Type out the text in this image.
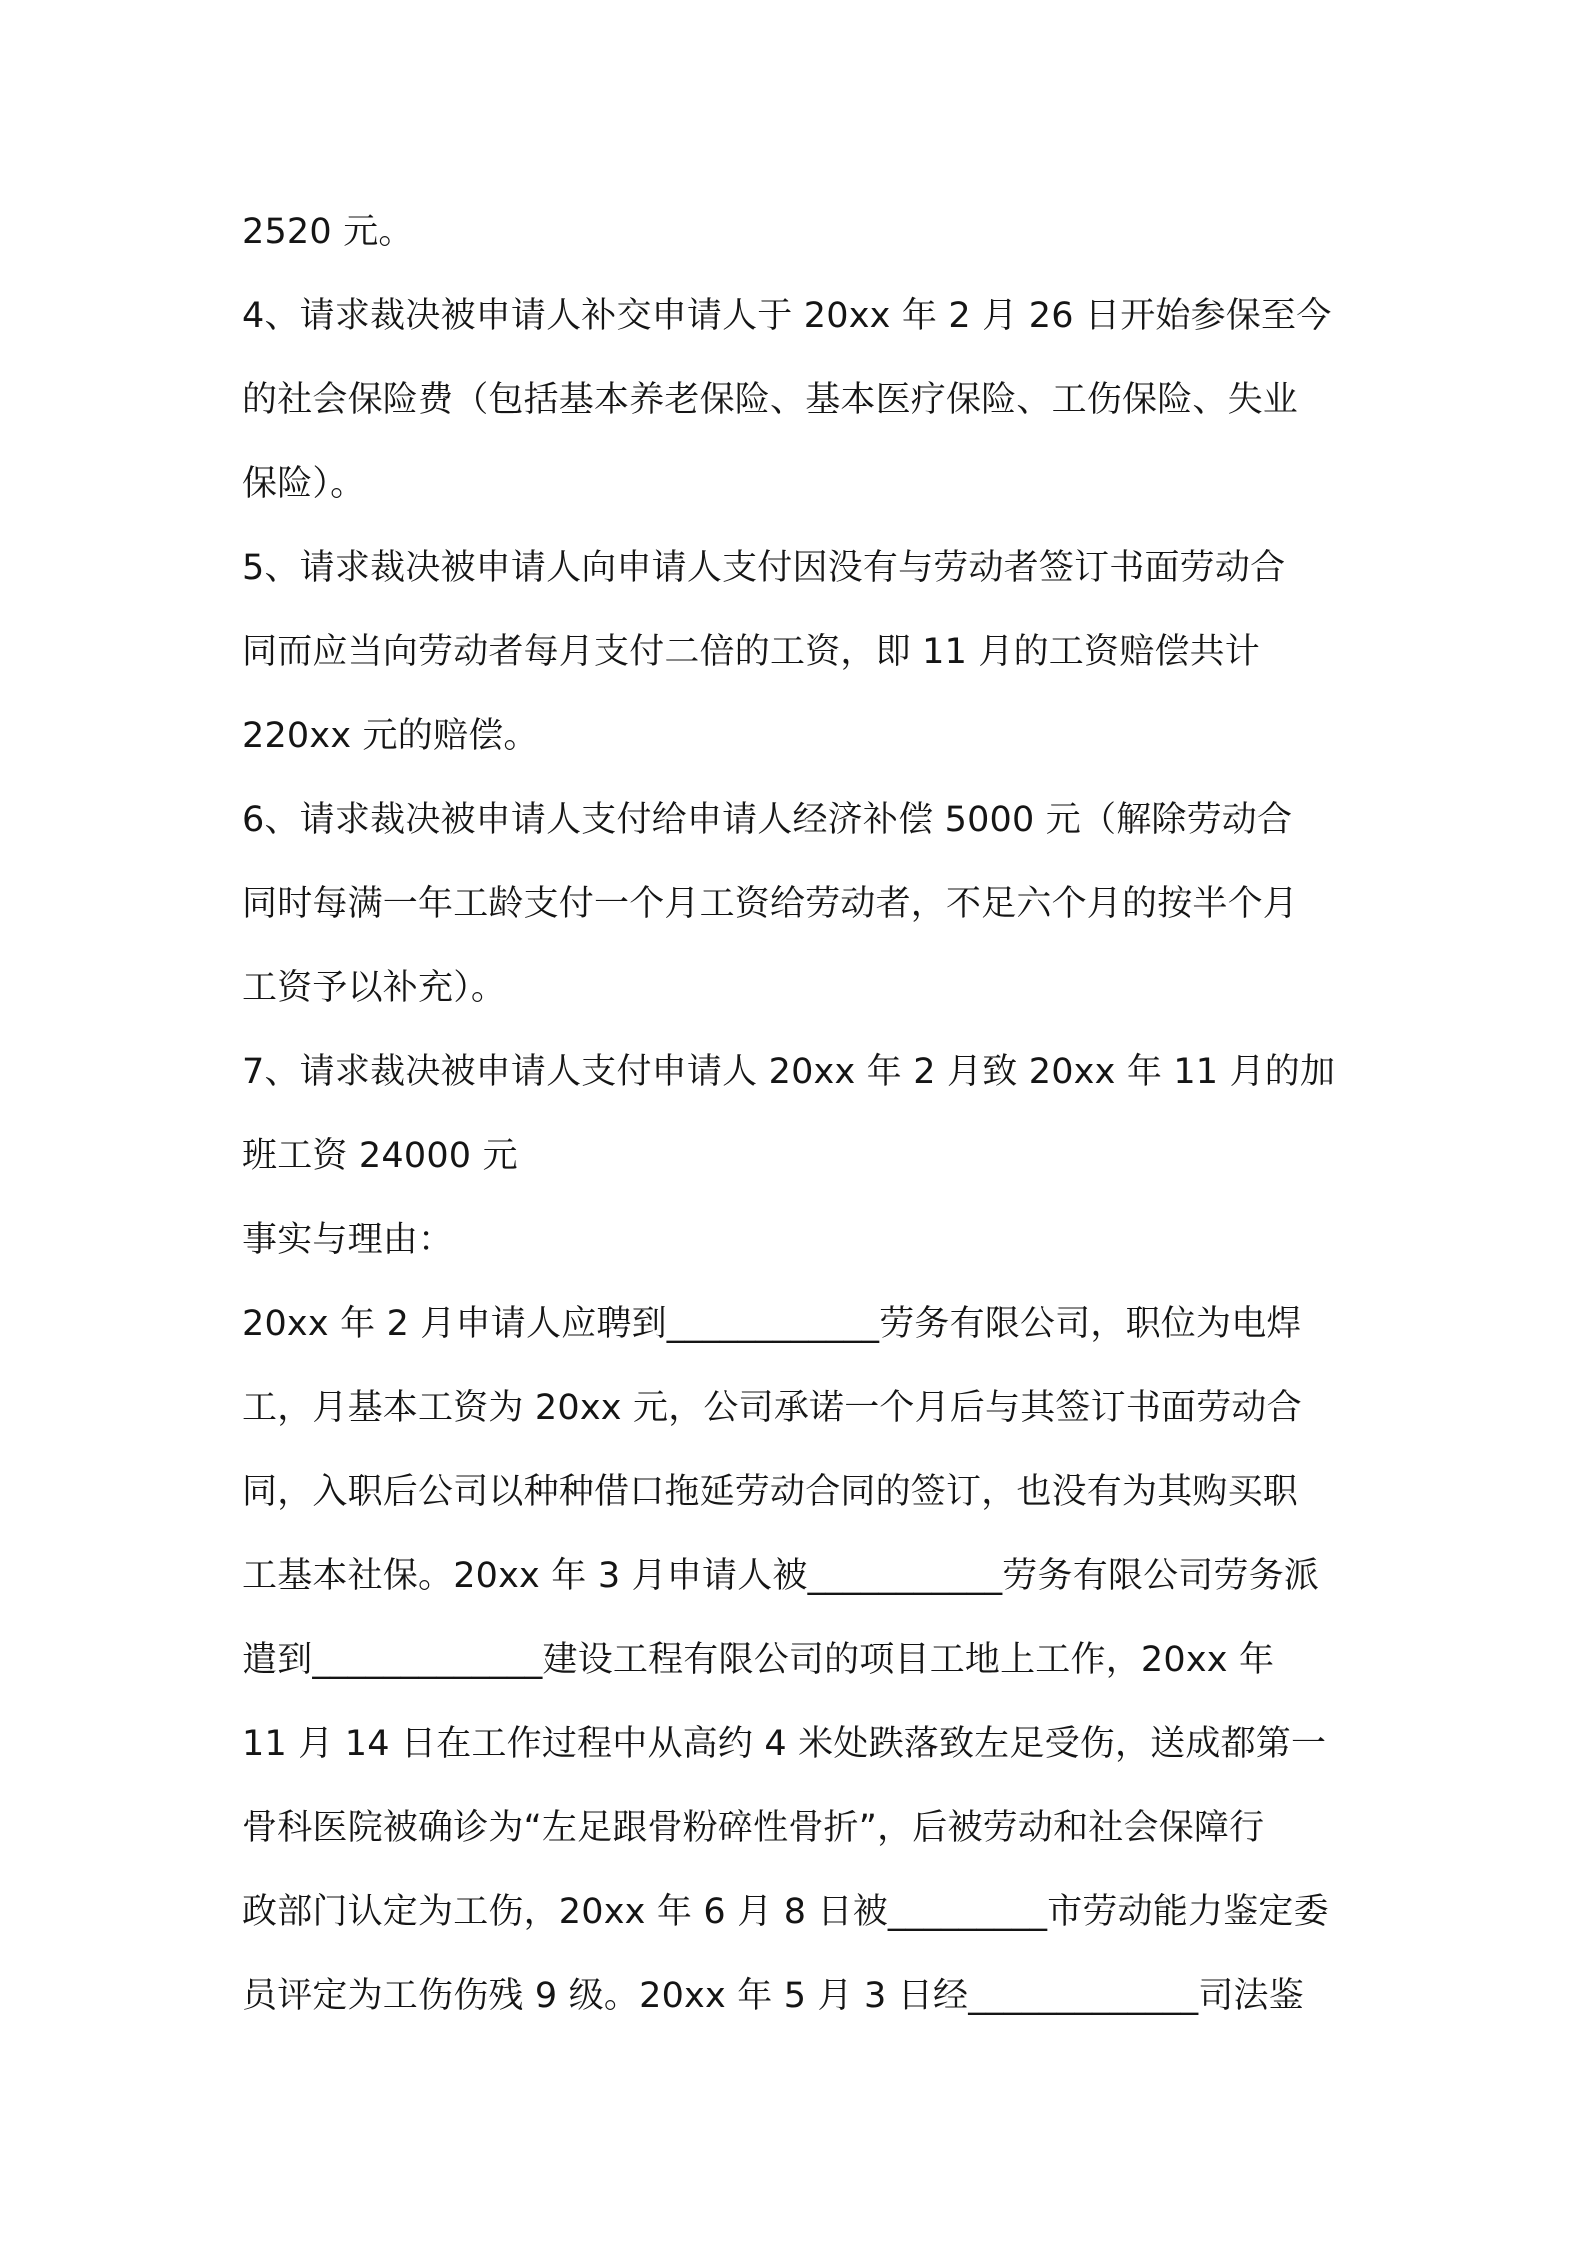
2520 元。
4、请求裁决被申请人补交申请人于 20xx 年 2 月 26 日开始参保至今
的社会保险费（包括基本养老保险、基本医疗保险、工伤保险、失业
保险）。
5、请求裁决被申请人向申请人支付因没有与劳动者签订书面劳动合
同而应当向劳动者每月支付二倍的工资，即 11 月的工资赔偿共计
220xx 元的赔偿。
6、请求裁决被申请人支付给申请人经济补偿 5000 元（解除劳动合
同时每满一年工龄支付一个月工资给劳动者，不足六个月的按半个月
工资予以补充）。
7、请求裁决被申请人支付申请人 20xx 年 2 月致 20xx 年 11 月的加
班工资 24000 元
事实与理由：
20xx 年 2 月申请人应聘到____________劳务有限公司，职位为电焊
工，月基本工资为 20xx 元，公司承诺一个月后与其签订书面劳动合
同，入职后公司以种种借口拖延劳动合同的签订，也没有为其购买职
工基本社保。20xx 年 3 月申请人被___________劳务有限公司劳务派
遣到_____________建设工程有限公司的项目工地上工作，20xx 年
11 月 14 日在工作过程中从高约 4 米处跌落致左足受伤，送成都第一
骨科医院被确诊为“左足跟骨粉碎性骨折”，后被劳动和社会保障行
政部门认定为工伤，20xx 年 6 月 8 日被_________市劳动能力鉴定委
员评定为工伤伤残 9 级。20xx 年 5 月 3 日经_____________司法鉴
